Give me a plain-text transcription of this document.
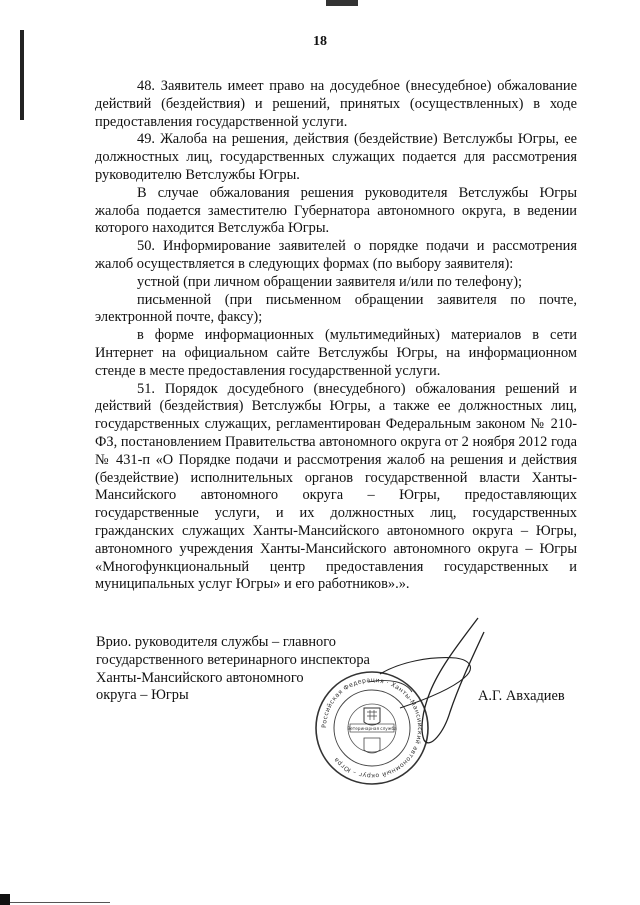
18

48. Заявитель имеет право на досудебное (внесудебное) обжалование действий (бездействия) и решений, принятых (осуществленных) в ходе предоставления государственной услуги.

49. Жалоба на решения, действия (бездействие) Ветслужбы Югры, ее должностных лиц, государственных служащих подается для рассмотрения руководителю Ветслужбы Югры.

В случае обжалования решения руководителя Ветслужбы Югры жалоба подается заместителю Губернатора автономного округа, в ведении которого находится Ветслужба Югры.

50. Информирование заявителей о порядке подачи и рассмотрения жалоб осуществляется в следующих формах (по выбору заявителя):

устной (при личном обращении заявителя и/или по телефону);

письменной (при письменном обращении заявителя по почте, электронной почте, факсу);

в форме информационных (мультимедийных) материалов в сети Интернет на официальном сайте Ветслужбы Югры, на информационном стенде в месте предоставления государственной услуги.

51. Порядок досудебного (внесудебного) обжалования решений и действий (бездействия) Ветслужбы Югры, а также ее должностных лиц, государственных служащих, регламентирован Федеральным законом № 210-ФЗ, постановлением Правительства автономного округа от 2 ноября 2012 года № 431-п «О Порядке подачи и рассмотрения жалоб на решения и действия (бездействие) исполнительных органов государственной власти Ханты-Мансийского автономного округа – Югры, предоставляющих государственные услуги, и их должностных лиц, государственных гражданских служащих Ханты-Мансийского автономного округа – Югры, автономного учреждения Ханты-Мансийского автономного округа – Югры «Многофункциональный центр предоставления государственных и муниципальных услуг Югры» и его работников».».

Врио. руководителя службы – главного
государственного ветеринарного инспектора
Ханты-Мансийского автономного
округа – Югры
Российская Федерация · Ханты-Мансийский автономный округ – Югра
Ветеринарная служба
А.Г. Авхадиев
